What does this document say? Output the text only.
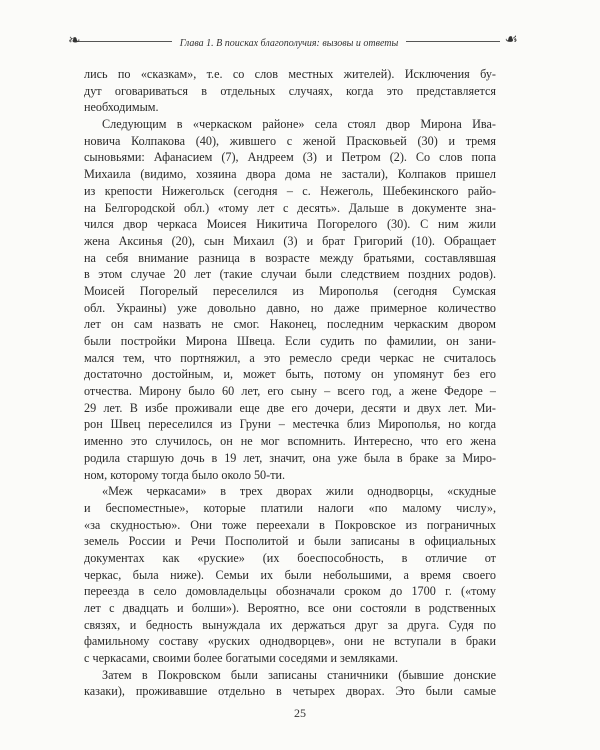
❧	Глава 1. В поисках благополучия: вызовы и ответы	☙
лись по «сказкам», т.е. со слов местных жителей). Исключения бу-
дут оговариваться в отдельных случаях, когда это представляется
необходимым.
Следующим в «черкаском районе» села стоял двор Мирона Ива-
новича Колпакова (40), жившего с женой Прасковьей (30) и тремя
сыновьями: Афанасием (7), Андреем (3) и Петром (2). Со слов попа
Михаила (видимо, хозяина двора дома не застали), Колпаков пришел
из крепости Нижегольск (сегодня – с. Нежеголь, Шебекинского райо-
на Белгородской обл.) «тому лет с десять». Дальше в документе зна-
чился двор черкаса Моисея Никитича Погорелого (30). С ним жили
жена Аксинья (20), сын Михаил (3) и брат Григорий (10). Обращает
на себя внимание разница в возрасте между братьями, составлявшая
в этом случае 20 лет (такие случаи были следствием поздних родов).
Моисей Погорелый переселился из Мирополья (сегодня Сумская
обл. Украины) уже довольно давно, но даже примерное количество
лет он сам назвать не смог. Наконец, последним черкаским двором
были постройки Мирона Швеца. Если судить по фамилии, он зани-
мался тем, что портняжил, а это ремесло среди черкас не считалось
достаточно достойным, и, может быть, потому он упомянут без его
отчества. Мирону было 60 лет, его сыну – всего год, а жене Федоре –
29 лет. В избе проживали еще две его дочери, десяти и двух лет. Ми-
рон Швец переселился из Груни – местечка близ Мирополья, но когда
именно это случилось, он не мог вспомнить. Интересно, что его жена
родила старшую дочь в 19 лет, значит, она уже была в браке за Миро-
ном, которому тогда было около 50-ти.
«Меж черкасами» в трех дворах жили однодворцы, «скудные
и беспоместные», которые платили налоги «по малому числу»,
«за скудностью». Они тоже переехали в Покровское из пограничных
земель России и Речи Посполитой и были записаны в официальных
документах как «руские» (их боеспособность, в отличие от
черкас, была ниже). Семьи их были небольшими, а время своего
переезда в село домовладельцы обозначали сроком до 1700 г. («тому
лет с двадцать и болши»). Вероятно, все они состояли в родственных
связях, и бедность вынуждала их держаться друг за друга. Судя по
фамильному составу «руских однодворцев», они не вступали в браки
с черкасами, своими более богатыми соседями и земляками.
Затем в Покровском были записаны станичники (бывшие донские
казаки), проживавшие отдельно в четырех дворах. Это были самые
25
